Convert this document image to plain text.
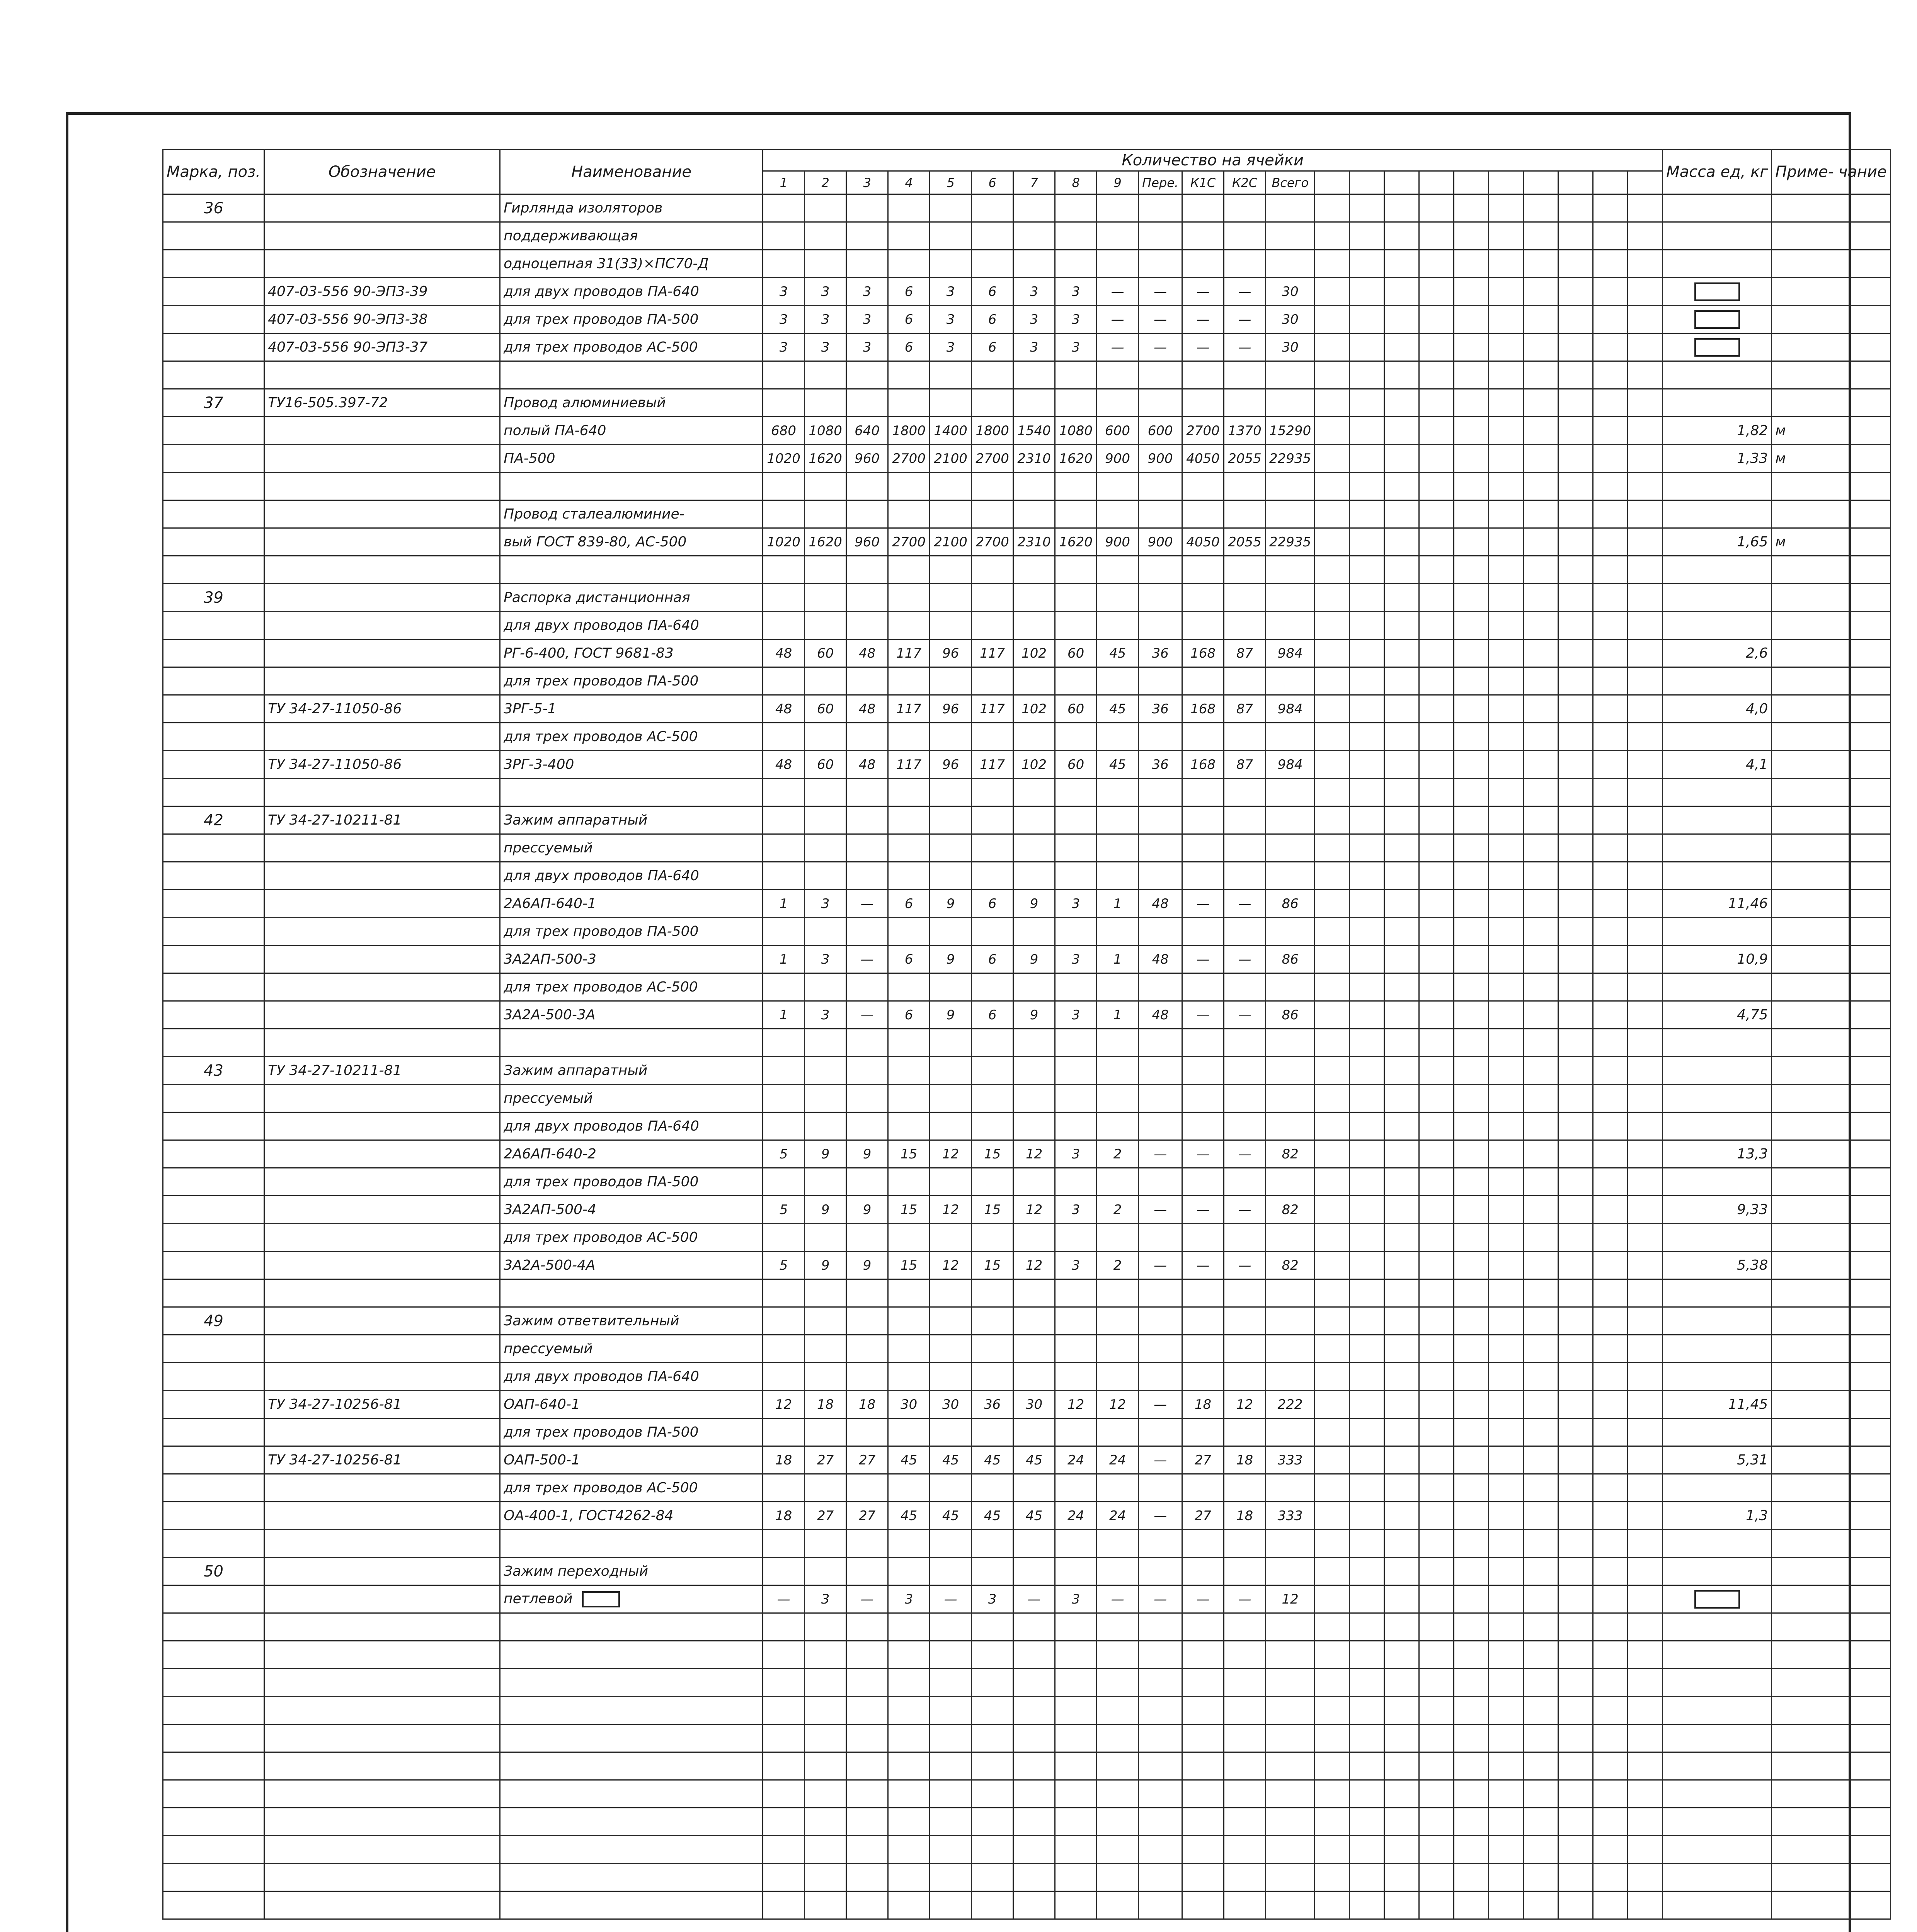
Марка, поз.	Обозначение	Наименование	Количество на ячейки																							Масса ед, кг	Приме- чание
			1	2	3	4	5	6	7	8	9	Пере.	К1С	К2С	Всего												
36		Гирлянда изоляторов																									
		поддерживающая																									
		одноцепная 31(33)×ПС70-Д																									
	407-03-556 90-ЭП3-39	для двух проводов ПА-640	3	3	3	6	3	6	3	3	—	—	—	—	30												
	407-03-556 90-ЭП3-38	для трех проводов ПА-500	3	3	3	6	3	6	3	3	—	—	—	—	30												
	407-03-556 90-ЭП3-37	для трех проводов АС-500	3	3	3	6	3	6	3	3	—	—	—	—	30												

37	ТУ16-505.397-72	Провод алюминиевый																									
		полый ПА-640	680	1080	640	1800	1400	1800	1540	1080	600	600	2700	1370	15290											1,82	м
		ПА-500	1020	1620	960	2700	2100	2700	2310	1620	900	900	4050	2055	22935											1,33	м

		Провод сталеалюминие-																									
		вый ГОСТ 839-80, АС-500	1020	1620	960	2700	2100	2700	2310	1620	900	900	4050	2055	22935											1,65	м

39		Распорка дистанционная																									
		для двух проводов ПА-640																									
		РГ-6-400, ГОСТ 9681-83	48	60	48	117	96	117	102	60	45	36	168	87	984											2,6	
		для трех проводов ПА-500																									
	ТУ 34-27-11050-86	3РГ-5-1	48	60	48	117	96	117	102	60	45	36	168	87	984											4,0	
		для трех проводов АС-500																									
	ТУ 34-27-11050-86	3РГ-3-400	48	60	48	117	96	117	102	60	45	36	168	87	984											4,1	

42	ТУ 34-27-10211-81	Зажим аппаратный																									
		прессуемый																									
		для двух проводов ПА-640																									
		2А6АП-640-1	1	3	—	6	9	6	9	3	1	48	—	—	86											11,46	
		для трех проводов ПА-500																									
		3А2АП-500-3	1	3	—	6	9	6	9	3	1	48	—	—	86											10,9	
		для трех проводов АС-500																									
		3А2А-500-3А	1	3	—	6	9	6	9	3	1	48	—	—	86											4,75	

43	ТУ 34-27-10211-81	Зажим аппаратный																									
		прессуемый																									
		для двух проводов ПА-640																									
		2А6АП-640-2	5	9	9	15	12	15	12	3	2	—	—	—	82											13,3	
		для трех проводов ПА-500																									
		3А2АП-500-4	5	9	9	15	12	15	12	3	2	—	—	—	82											9,33	
		для трех проводов АС-500																									
		3А2А-500-4А	5	9	9	15	12	15	12	3	2	—	—	—	82											5,38	

49		Зажим ответвительный																									
		прессуемый																									
		для двух проводов ПА-640																									
	ТУ 34-27-10256-81	ОАП-640-1	12	18	18	30	30	36	30	12	12	—	18	12	222											11,45	
		для трех проводов ПА-500																									
	ТУ 34-27-10256-81	ОАП-500-1	18	27	27	45	45	45	45	24	24	—	27	18	333											5,31	
		для трех проводов АС-500																									
		ОА-400-1, ГОСТ4262-84	18	27	27	45	45	45	45	24	24	—	27	18	333											1,3	

50		Зажим переходный																									
		петлевой	—	3	—	3	—	3	—	3	—	—	—	—	12												
